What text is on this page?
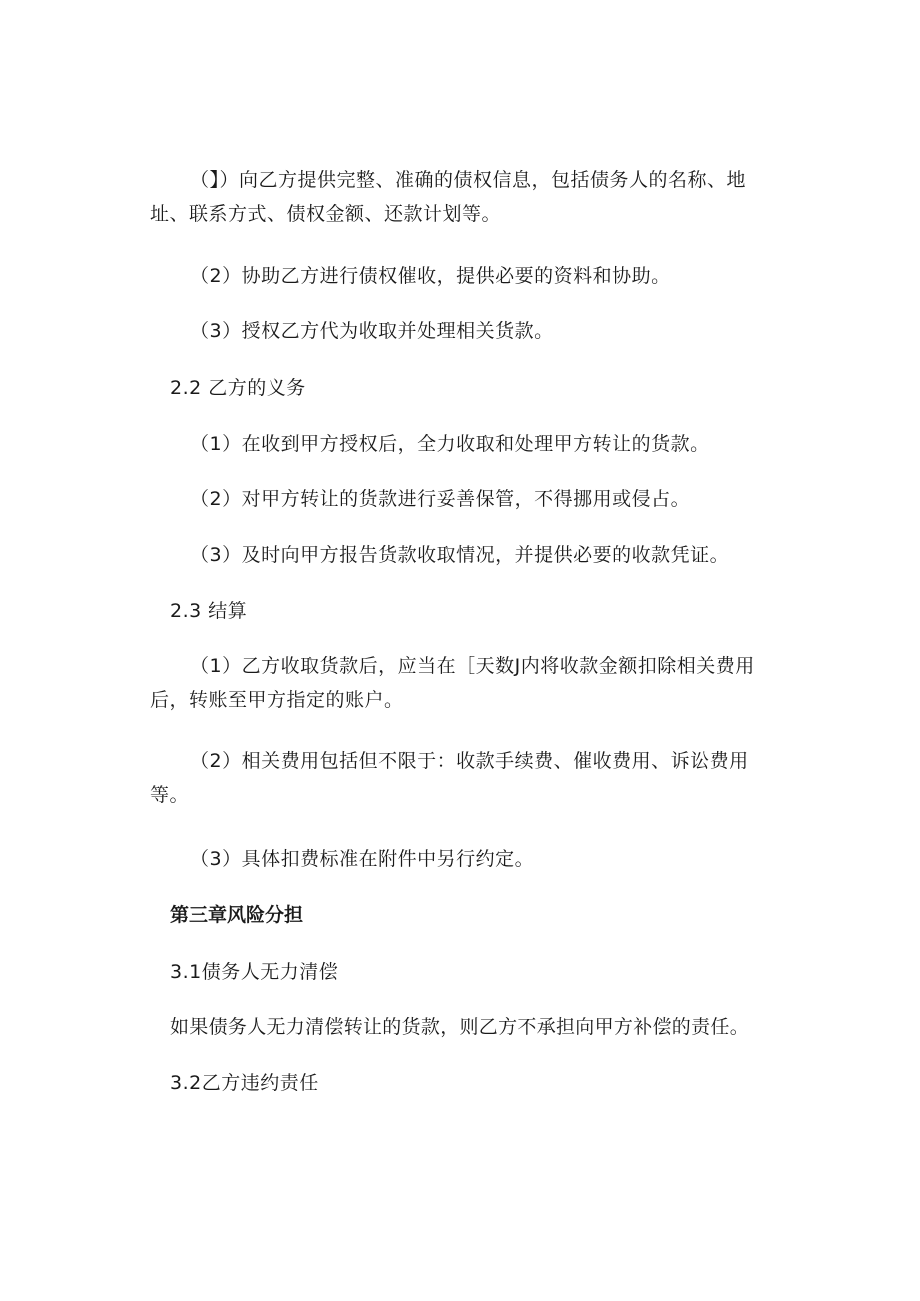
（】）向乙方提供完整、准确的债权信息，包括债务人的名称、地
址、联系方式、债权金额、还款计划等。

（2）协助乙方进行债权催收，提供必要的资料和协助。

（3）授权乙方代为收取并处理相关货款。

2.2 乙方的义务

（1）在收到甲方授权后，全力收取和处理甲方转让的货款。

（2）对甲方转让的货款进行妥善保管，不得挪用或侵占。

（3）及时向甲方报告货款收取情况，并提供必要的收款凭证。

2.3 结算

（1）乙方收取货款后，应当在［天数J内将收款金额扣除相关费用
后，转账至甲方指定的账户。

（2）相关费用包括但不限于：收款手续费、催收费用、诉讼费用
等。

（3）具体扣费标准在附件中另行约定。

第三章风险分担

3.1债务人无力清偿

如果债务人无力清偿转让的货款，则乙方不承担向甲方补偿的责任。

3.2乙方违约责任
